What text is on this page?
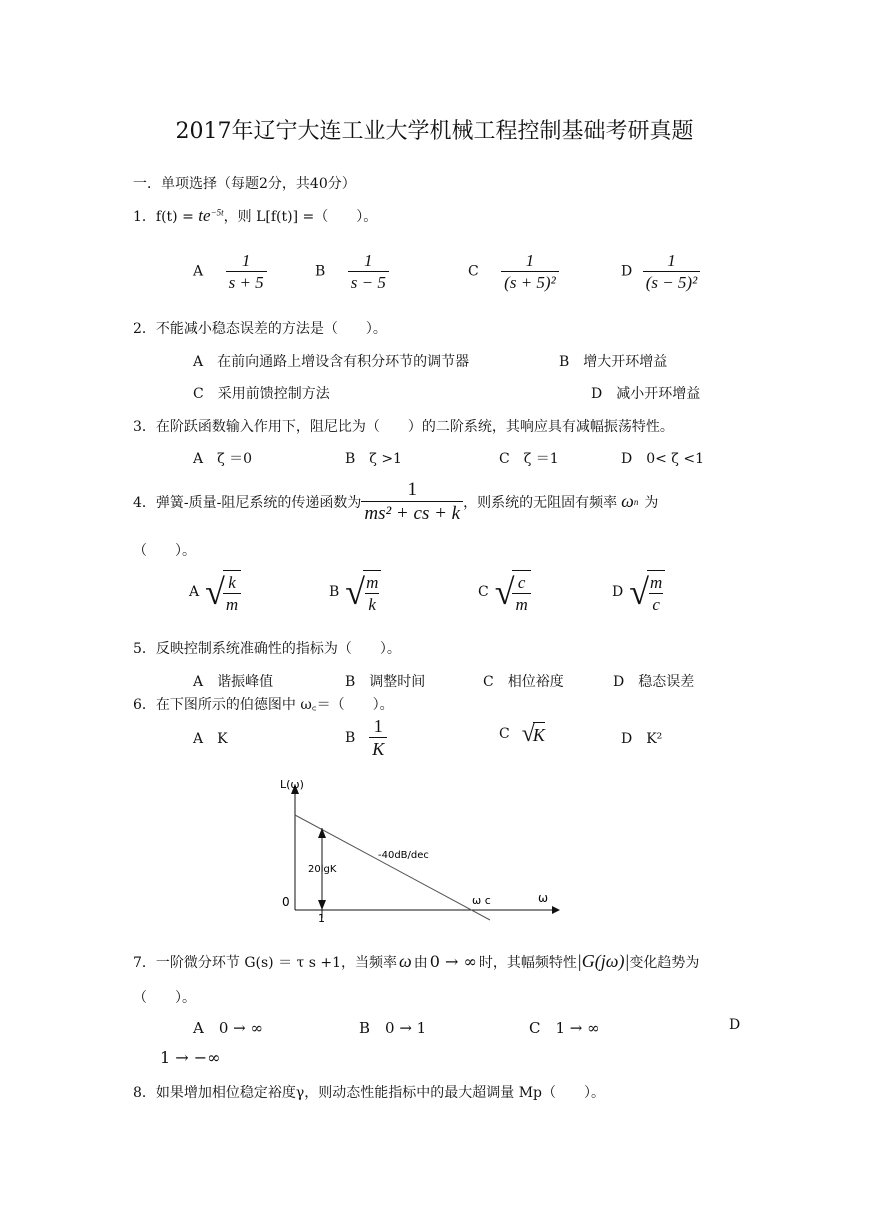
2017年辽宁大连工业大学机械工程控制基础考研真题
一．单项选择（每题2分，共40分）
1．$f(t) = te^{-5t}$，则 L[f(t)] =（　　）。
A $\frac{1}{s + 5}$	B $\frac{1}{s - 5}$	C $\frac{1}{\text{(s + 5)²}}$	D $\frac{1}{\text{(s − 5)²}}$
2．不能减小稳态误差的方法是（　　）。
A　在前向通路上增设含有积分环节的调节器	B　增大开环增益
C　采用前馈控制方法	D　减小开环增益
3．在阶跃函数输入作用下，阻尼比为（　　）的二阶系统，其响应具有减幅振荡特性。
A　ζ ＝0	B　ζ >1	C　ζ ＝1	D　0< ζ <1
4．弹簧-质量-阻尼系统的传递函数为 $\frac{1}{\text{ms² + cs + k}}$ ，则系统的无阻固有频率 ω n 为
（　　）。
A √
$\frac{k}{m}$	B √
$\frac{m}{k}$	C √
$\frac{c}{m}$	D √
$\frac{m}{c}$
5．反映控制系统准确性的指标为（　　）。
A　谐振峰值	B　调整时间	C　相位裕度	D　稳态误差
6．在下图所示的伯德图中 ω꜀＝（　　）。
A　K	B $\frac{1}{K}$	C √
K	D　K²
L(ω)
ω
0
1
-40dB/dec
20lgK
ω c
7．一阶微分环节 G(s) ＝ τ s +1，当频率 ω 由 0 → ∞ 时，其幅频特性 |G(jω)| 变化趋势为
（　　）。
A　0 → ∞	B　0 → 1	C　1 → ∞	D
1 → −∞
8．如果增加相位稳定裕度γ，则动态性能指标中的最大超调量 Mp（　　）。
